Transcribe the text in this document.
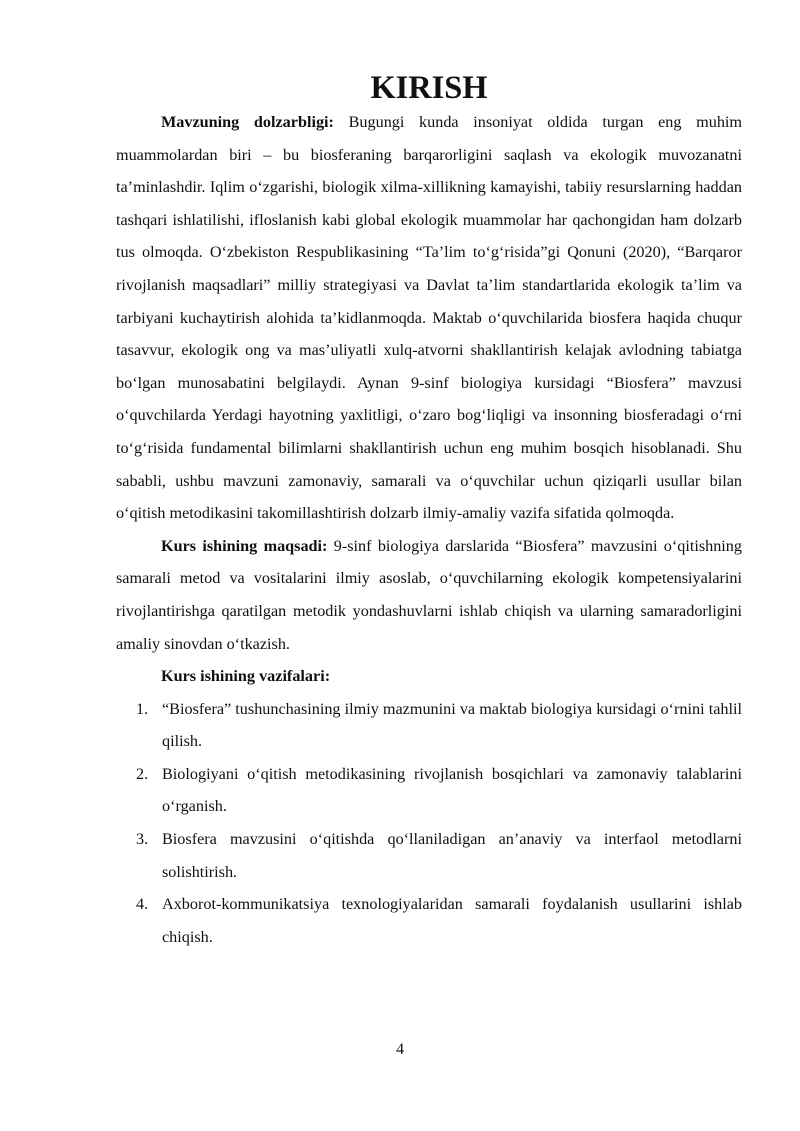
KIRISH

Mavzuning dolzarbligi: Bugungi kunda insoniyat oldida turgan eng muhim muammolardan biri – bu biosferaning barqarorligini saqlash va ekologik muvozanatni taʼminlashdir. Iqlim oʻzgarishi, biologik xilma-xillikning kamayishi, tabiiy resurslarning haddan tashqari ishlatilishi, ifloslanish kabi global ekologik muammolar har qachongidan ham dolzarb tus olmoqda. Oʻzbekiston Respublikasining “Taʼlim toʻgʻrisida”gi Qonuni (2020), “Barqaror rivojlanish maqsadlari” milliy strategiyasi va Davlat taʼlim standartlarida ekologik taʼlim va tarbiyani kuchaytirish alohida taʼkidlanmoqda. Maktab oʻquvchilarida biosfera haqida chuqur tasavvur, ekologik ong va masʼuliyatli xulq-atvorni shakllantirish kelajak avlodning tabiatga boʻlgan munosabatini belgilaydi. Aynan 9-sinf biologiya kursidagi “Biosfera” mavzusi oʻquvchilarda Yerdagi hayotning yaxlitligi, oʻzaro bogʻliqligi va insonning biosferadagi oʻrni toʻgʻrisida fundamental bilimlarni shakllantirish uchun eng muhim bosqich hisoblanadi. Shu sababli, ushbu mavzuni zamonaviy, samarali va oʻquvchilar uchun qiziqarli usullar bilan oʻqitish metodikasini takomillashtirish dolzarb ilmiy-amaliy vazifa sifatida qolmoqda.

Kurs ishining maqsadi: 9-sinf biologiya darslarida “Biosfera” mavzusini oʻqitishning samarali metod va vositalarini ilmiy asoslab, oʻquvchilarning ekologik kompetensiyalarini rivojlantirishga qaratilgan metodik yondashuvlarni ishlab chiqish va ularning samaradorligini amaliy sinovdan oʻtkazish.

Kurs ishining vazifalari:
1. “Biosfera” tushunchasining ilmiy mazmunini va maktab biologiya kursidagi oʻrnini tahlil qilish.
2. Biologiyani oʻqitish metodikasining rivojlanish bosqichlari va zamonaviy talablarini oʻrganish.
3. Biosfera mavzusini oʻqitishda qoʻllaniladigan anʼanaviy va interfaol metodlarni solishtirish.
4. Axborot-kommunikatsiya texnologiyalaridan samarali foydalanish usullarini ishlab chiqish.
4
